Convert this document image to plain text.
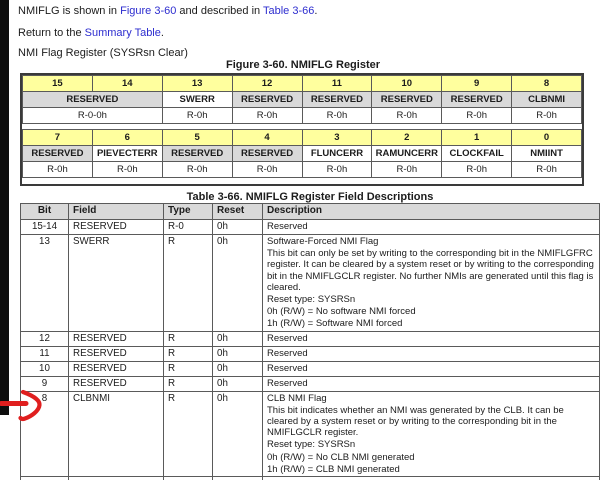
NMIFLG is shown in Figure 3-60 and described in Table 3-66.
Return to the Summary Table.
NMI Flag Register (SYSRsn Clear)
Figure 3-60. NMIFLG Register
15	14	13	12	11	10	9	8
RESERVED		SWERR	RESERVED	RESERVED	RESERVED	RESERVED	CLBNMI
R-0-0h		R-0h	R-0h	R-0h	R-0h	R-0h	R-0h
7	6	5	4	3	2	1	0
RESERVED	PIEVECTERR	RESERVED	RESERVED	FLUNCERR	RAMUNCERR	CLOCKFAIL	NMIINT
R-0h	R-0h	R-0h	R-0h	R-0h	R-0h	R-0h	R-0h
Table 3-66. NMIFLG Register Field Descriptions
Bit	Field	Type	Reset	Description
15-14	RESERVED	R-0	0h	Reserved

13	SWERR	R	0h	Software-Forced NMI Flag
This bit can only be set by writing to the corresponding bit in the NMIFLGFRC register. It can be cleared by a system reset or by writing to the corresponding bit in the NMIFLGCLR register. No further NMIs are generated until this flag is cleared.
Reset type: SYSRSn
0h (R/W) = No software NMI forced
1h (R/W) = Software NMI forced

12	RESERVED	R	0h	Reserved

11	RESERVED	R	0h	Reserved

10	RESERVED	R	0h	Reserved

9	RESERVED	R	0h	Reserved

8	CLBNMI	R	0h	CLB NMI Flag
This bit indicates whether an NMI was generated by the CLB. It can be cleared by a system reset or by writing to the corresponding bit in the NMIFLGCLR register.
Reset type: SYSRSn
0h (R/W) = No CLB NMI generated
1h (R/W) = CLB NMI generated
